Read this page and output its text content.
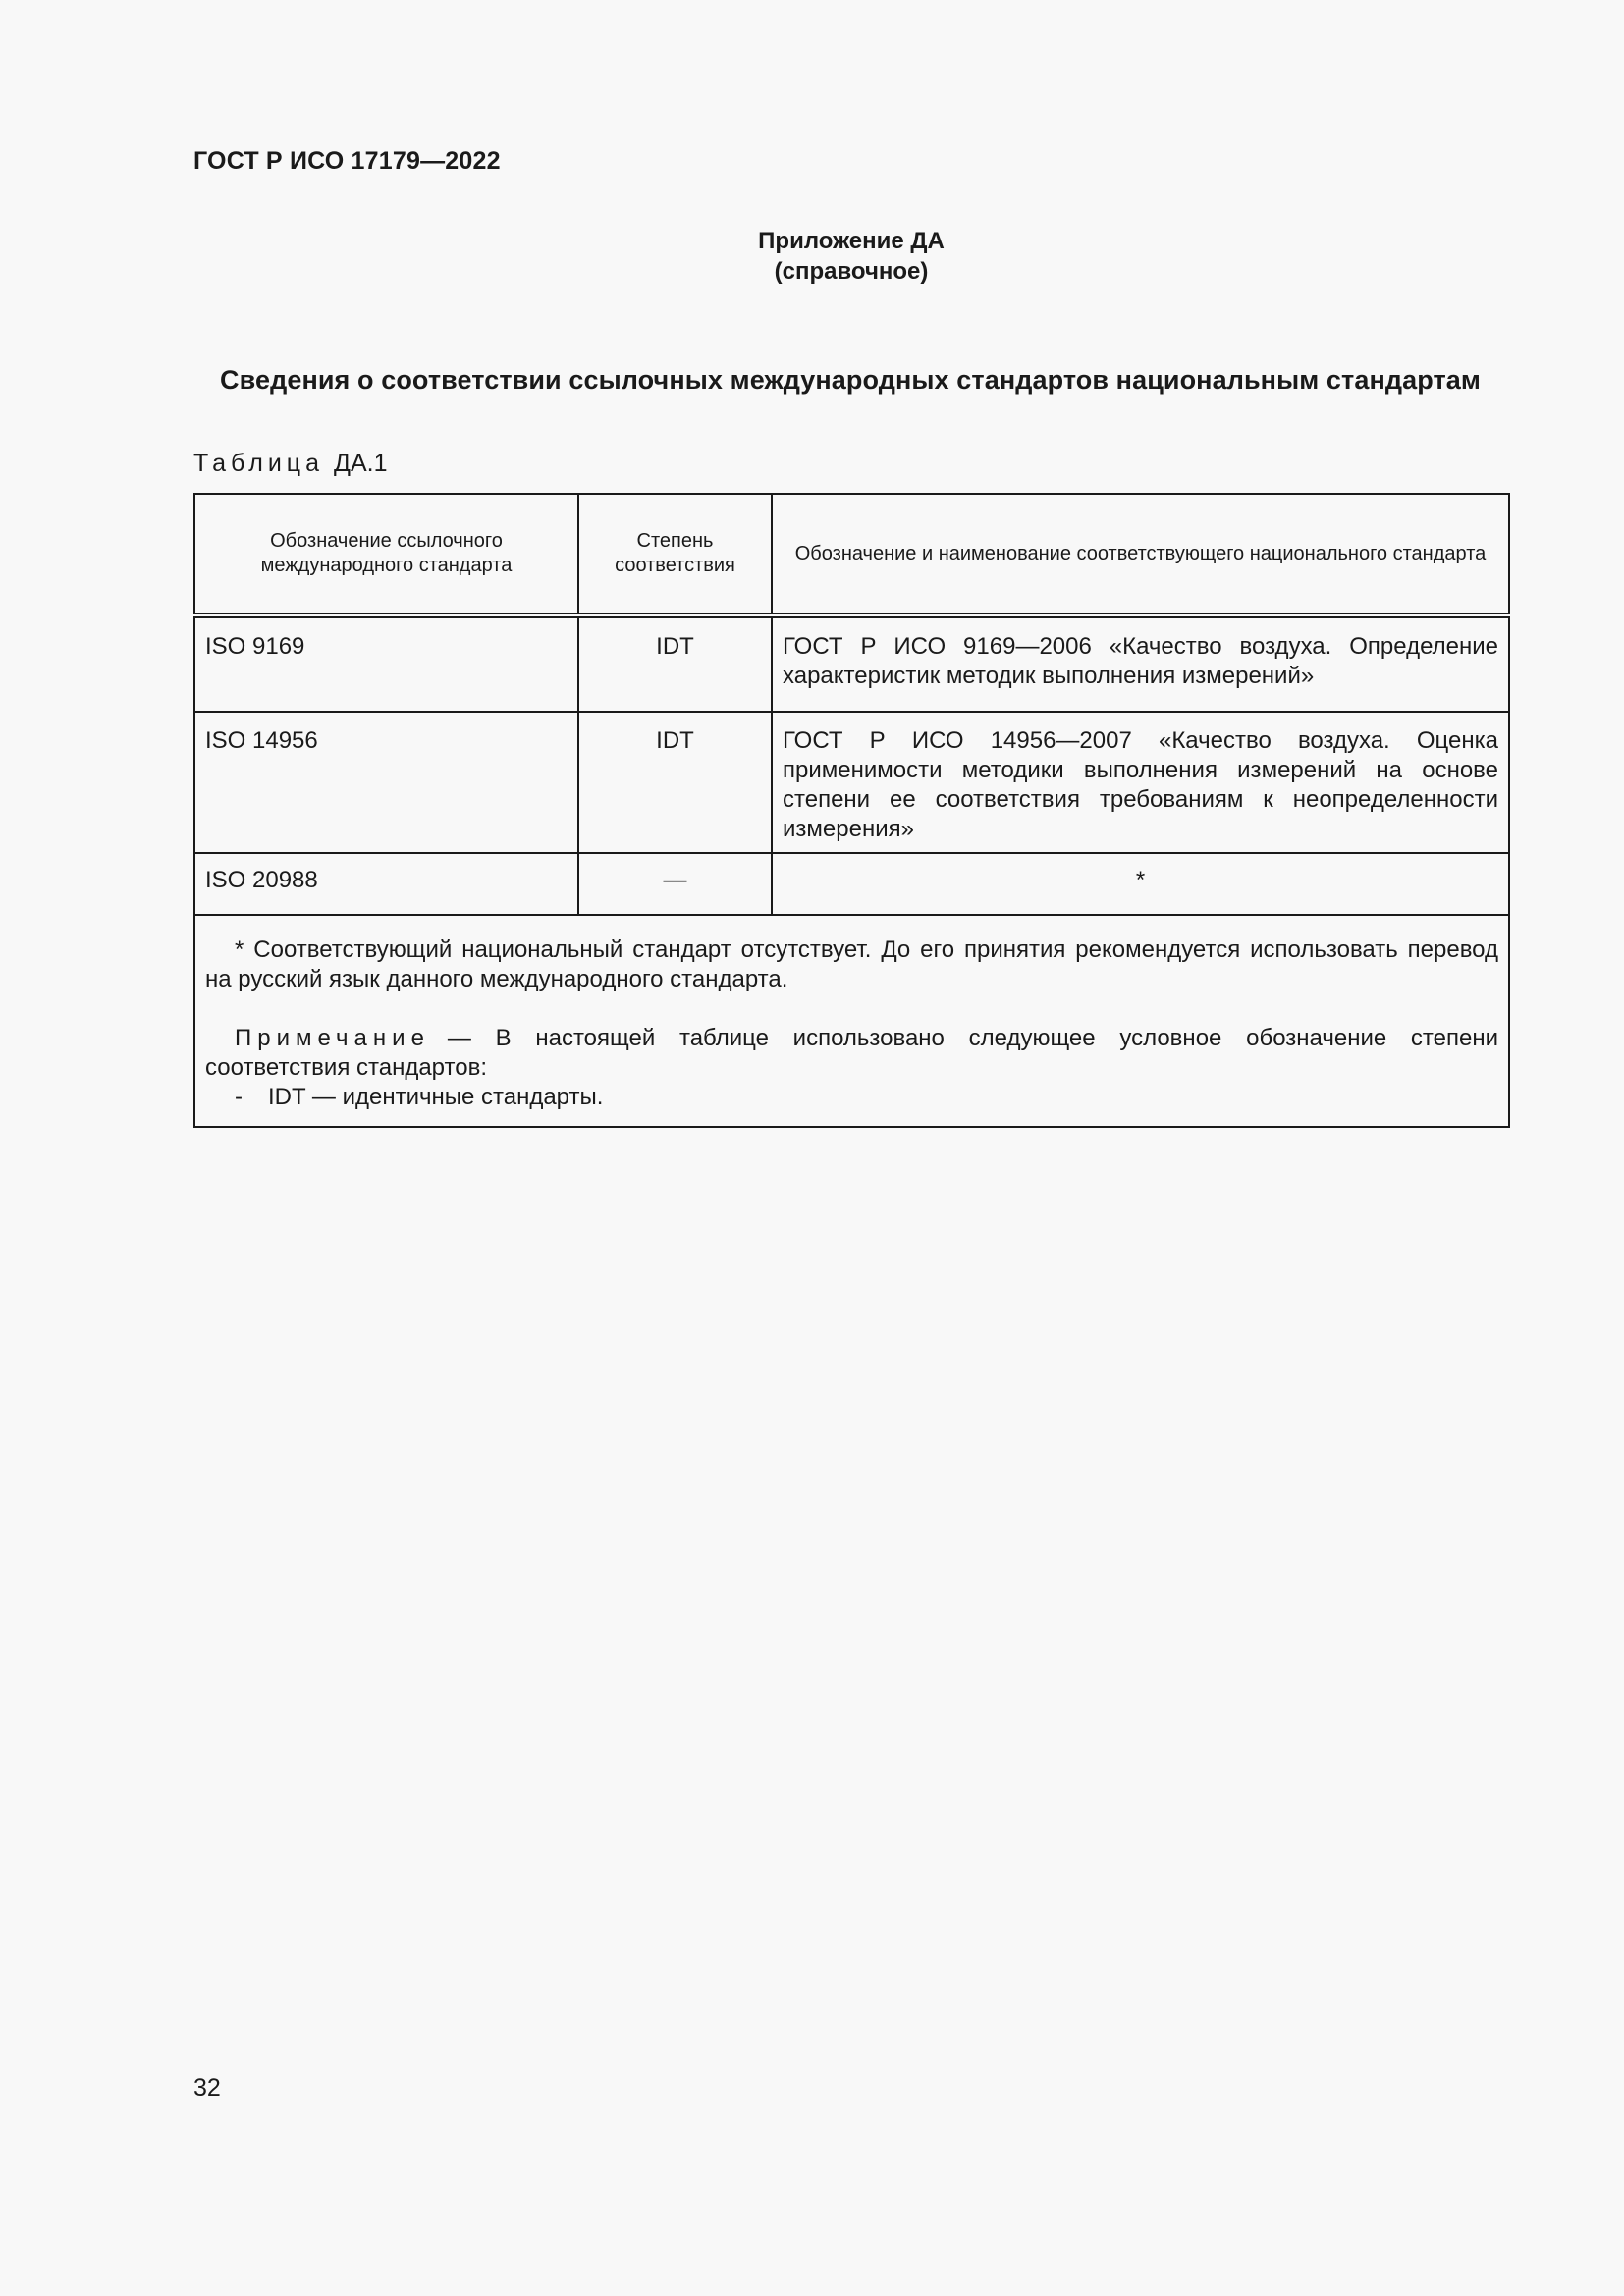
ГОСТ Р ИСО 17179—2022
Приложение ДА
(справочное)
Сведения о соответствии ссылочных международных стандартов национальным стандартам
Таблица ДА.1
Обозначение ссылочного международного стандарта	Степень соответствия	Обозначение и наименование соответствующего национального стандарта
ISO 9169	IDT	ГОСТ Р ИСО 9169—2006 «Качество воздуха. Определение характеристик методик выполнения измерений»
ISO 14956	IDT	ГОСТ Р ИСО 14956—2007 «Качество воздуха. Оценка применимости методики выполнения измерений на основе степени ее соответствия требованиям к неопределенности измерения»
ISO 20988	—	*

* Соответствующий национальный стандарт отсутствует. До его принятия рекомендуется использовать перевод на русский язык данного международного стандарта.

Примечание — В настоящей таблице использовано следующее условное обозначение степени соответствия стандартов:

- IDT — идентичные стандарты.		

32
